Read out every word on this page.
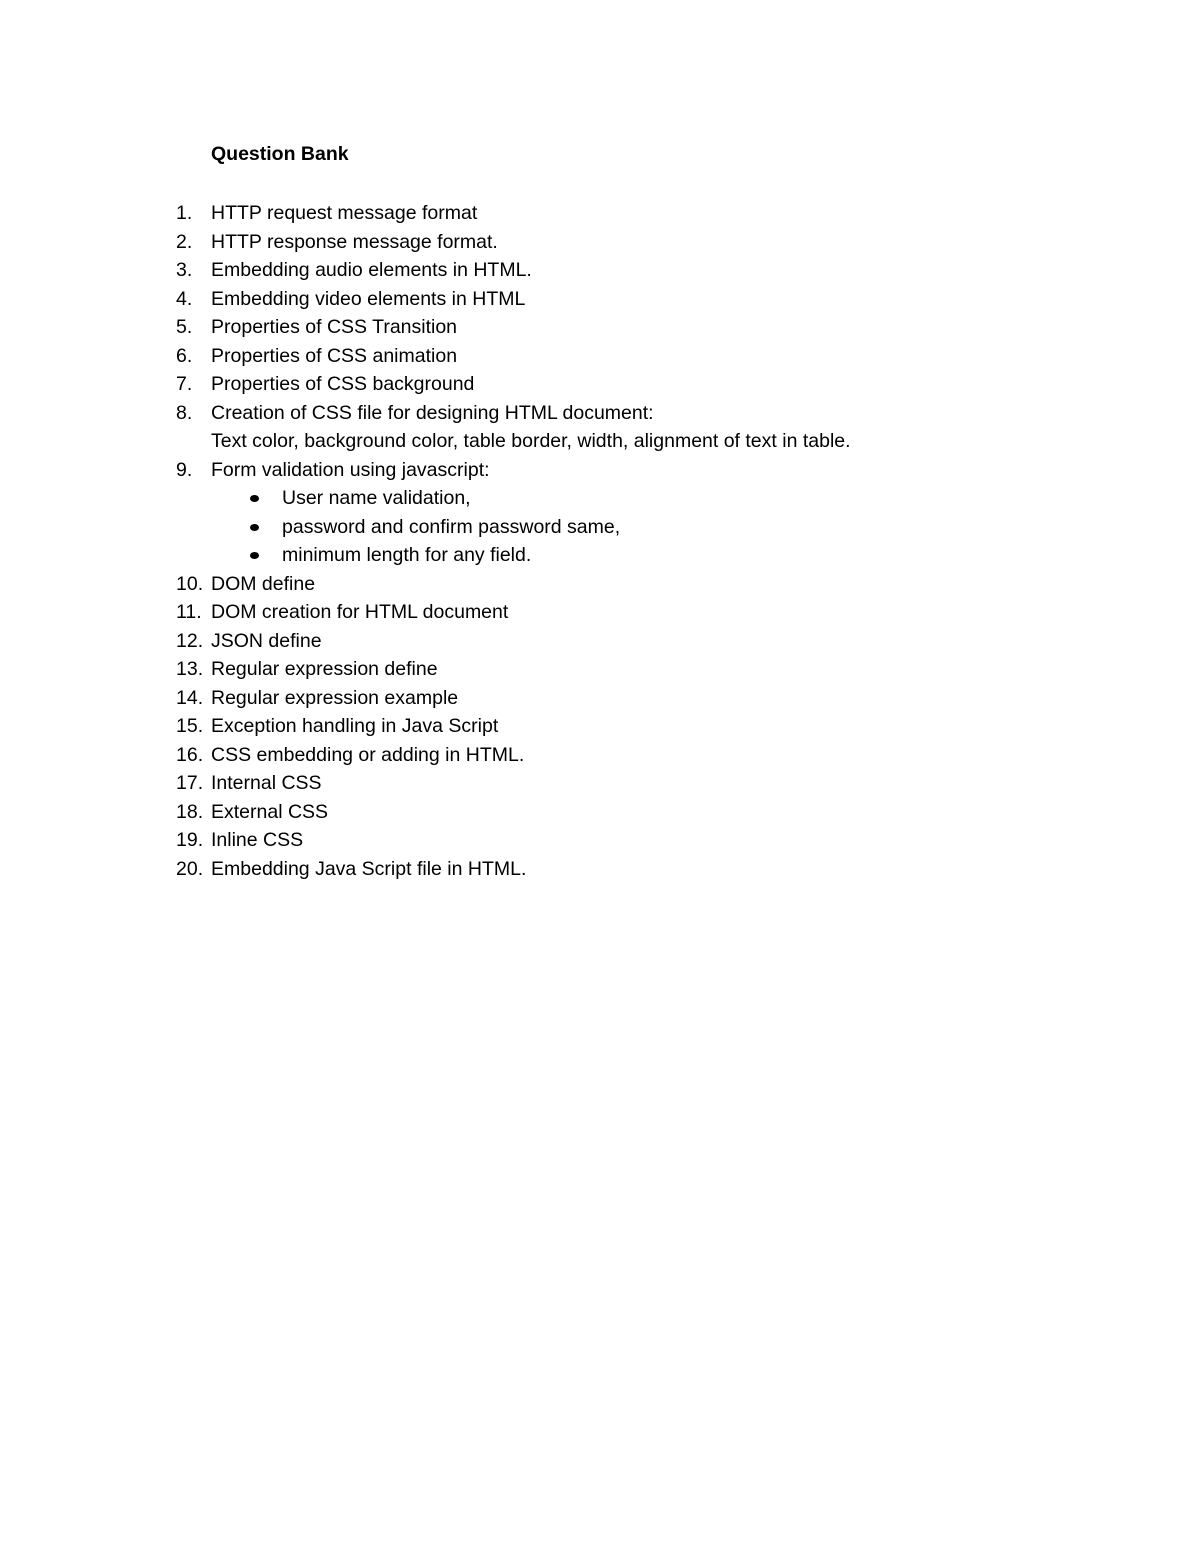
Question Bank
1. HTTP request message format
2. HTTP response message format.
3. Embedding audio elements in HTML.
4. Embedding video elements in HTML
5. Properties of CSS Transition
6. Properties of CSS animation
7. Properties of CSS background
8. Creation of CSS file for designing HTML document:
Text color, background color, table border, width, alignment of text in table.
9. Form validation using javascript:
User name validation,
password and confirm password same,
minimum length for any field.
10. DOM define
11. DOM creation for HTML document
12. JSON define
13. Regular expression define
14. Regular expression example
15. Exception handling in Java Script
16. CSS embedding or adding in HTML.
17. Internal CSS
18. External CSS
19. Inline CSS
20. Embedding Java Script file in HTML.
